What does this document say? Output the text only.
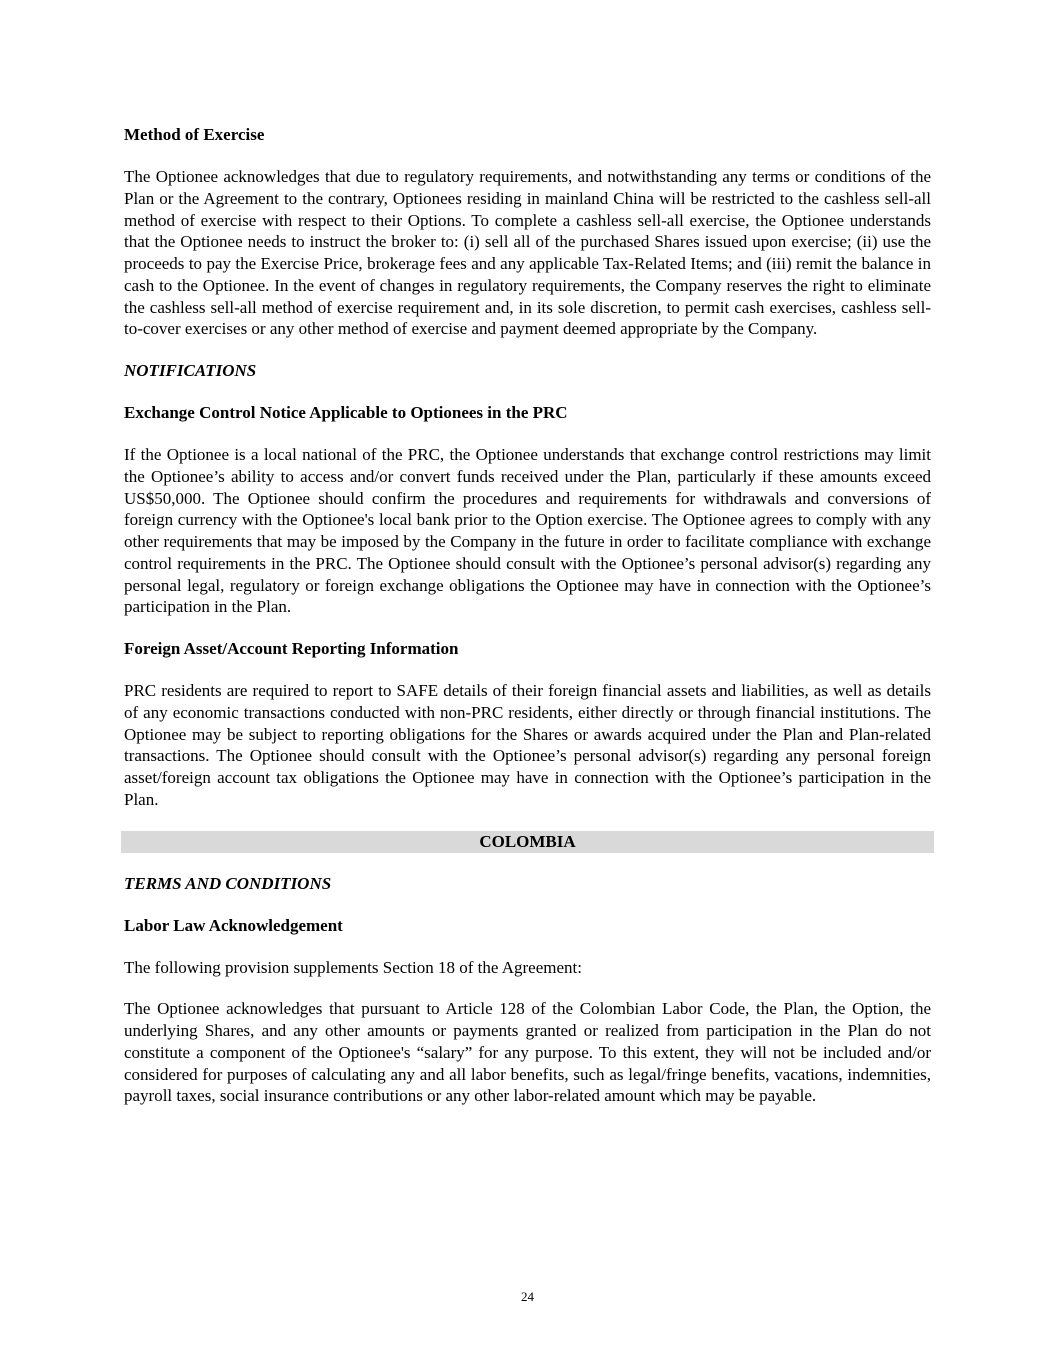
Method of Exercise

The Optionee acknowledges that due to regulatory requirements, and notwithstanding any terms or conditions of the Plan or the Agreement to the contrary, Optionees residing in mainland China will be restricted to the cashless sell-all method of exercise with respect to their Options. To complete a cashless sell-all exercise, the Optionee understands that the Optionee needs to instruct the broker to: (i) sell all of the purchased Shares issued upon exercise; (ii) use the proceeds to pay the Exercise Price, brokerage fees and any applicable Tax-Related Items; and (iii) remit the balance in cash to the Optionee. In the event of changes in regulatory requirements, the Company reserves the right to eliminate the cashless sell-all method of exercise requirement and, in its sole discretion, to permit cash exercises, cashless sell-to-cover exercises or any other method of exercise and payment deemed appropriate by the Company.

NOTIFICATIONS

Exchange Control Notice Applicable to Optionees in the PRC

If the Optionee is a local national of the PRC, the Optionee understands that exchange control restrictions may limit the Optionee’s ability to access and/or convert funds received under the Plan, particularly if these amounts exceed US$50,000. The Optionee should confirm the procedures and requirements for withdrawals and conversions of foreign currency with the Optionee's local bank prior to the Option exercise. The Optionee agrees to comply with any other requirements that may be imposed by the Company in the future in order to facilitate compliance with exchange control requirements in the PRC. The Optionee should consult with the Optionee’s personal advisor(s) regarding any personal legal, regulatory or foreign exchange obligations the Optionee may have in connection with the Optionee’s participation in the Plan.

Foreign Asset/Account Reporting Information

PRC residents are required to report to SAFE details of their foreign financial assets and liabilities, as well as details of any economic transactions conducted with non-PRC residents, either directly or through financial institutions. The Optionee may be subject to reporting obligations for the Shares or awards acquired under the Plan and Plan-related transactions. The Optionee should consult with the Optionee’s personal advisor(s) regarding any personal foreign asset/foreign account tax obligations the Optionee may have in connection with the Optionee’s participation in the Plan.

COLOMBIA

TERMS AND CONDITIONS

Labor Law Acknowledgement

The following provision supplements Section 18 of the Agreement:

The Optionee acknowledges that pursuant to Article 128 of the Colombian Labor Code, the Plan, the Option, the underlying Shares, and any other amounts or payments granted or realized from participation in the Plan do not constitute a component of the Optionee's “salary” for any purpose. To this extent, they will not be included and/or considered for purposes of calculating any and all labor benefits, such as legal/fringe benefits, vacations, indemnities, payroll taxes, social insurance contributions or any other labor-related amount which may be payable.

24
